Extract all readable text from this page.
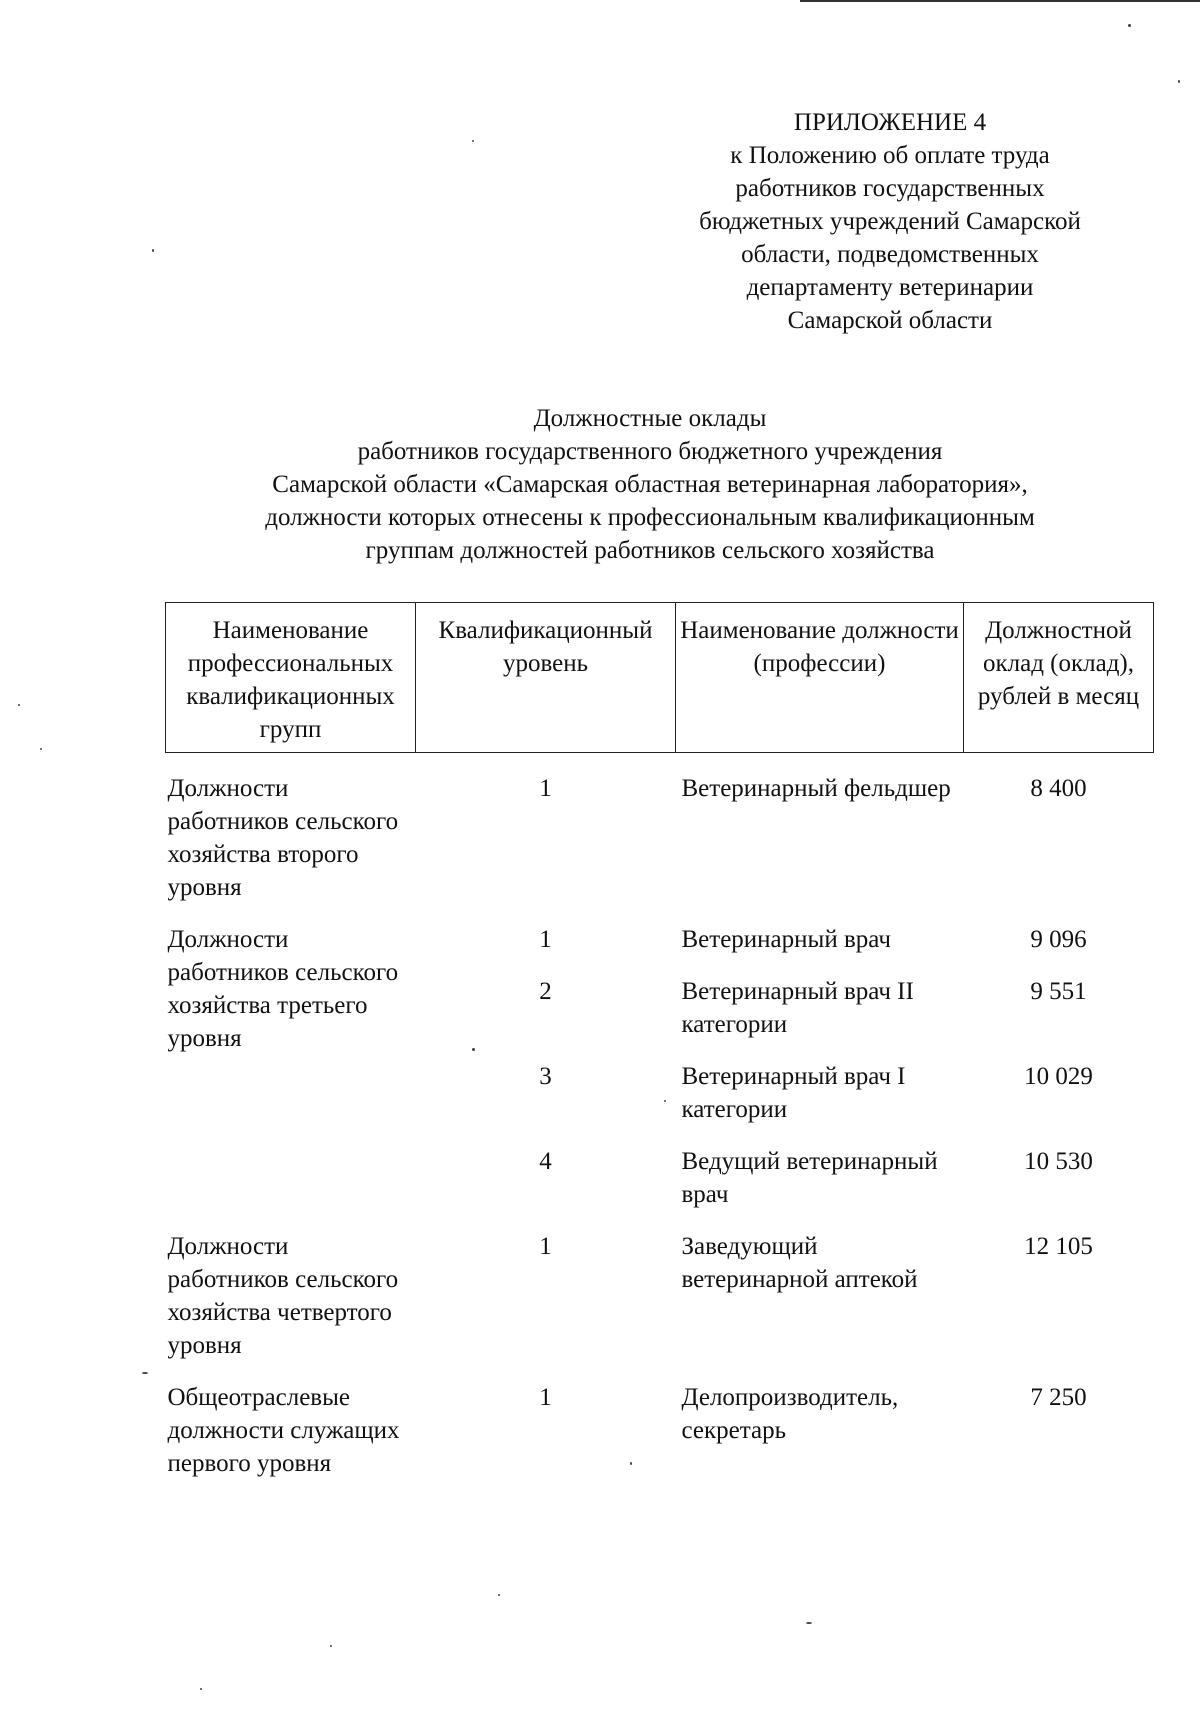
ПРИЛОЖЕНИЕ 4
к Положению об оплате труда
работников государственных
бюджетных учреждений Самарской
области, подведомственных
департаменту ветеринарии
Самарской области
Должностные оклады
работников государственного бюджетного учреждения
Самарской области «Самарская областная ветеринарная лаборатория»,
должности которых отнесены к профессиональным квалификационным
группам должностей работников сельского хозяйства
Наименование профессиональных квалификационных групп	Квалификационный уровень	Наименование должности (профессии)	Должностной оклад (оклад), рублей в месяц
Должности работников сельского хозяйства второго уровня	1	Ветеринарный фельдшер	8 400
Должности работников сельского хозяйства третьего уровня	1	Ветеринарный врач	9 096
	2	Ветеринарный врач II категории	9 551
	3	Ветеринарный врач I категории	10 029
	4	Ведущий ветеринарный врач	10 530
Должности работников сельского хозяйства четвертого уровня	1	Заведующий ветеринарной аптекой	12 105
Общеотраслевые должности служащих первого уровня	1	Делопроизводитель, секретарь	7 250
